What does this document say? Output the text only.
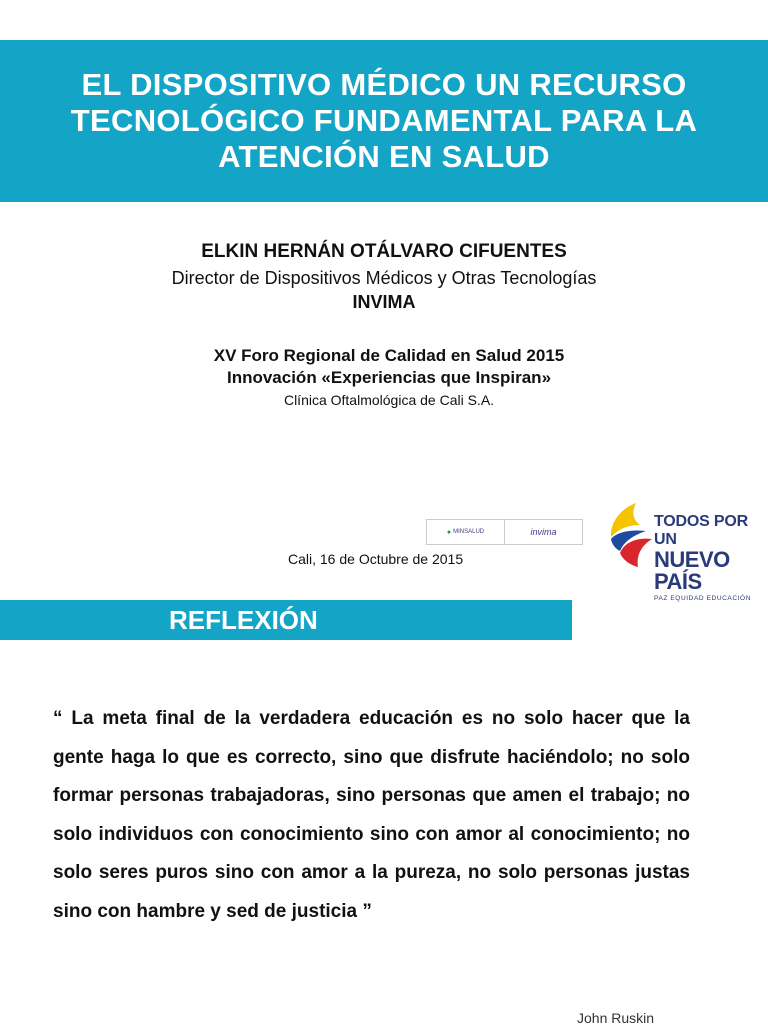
EL DISPOSITIVO MÉDICO UN RECURSO TECNOLÓGICO FUNDAMENTAL PARA LA ATENCIÓN EN SALUD
ELKIN HERNÁN OTÁLVARO CIFUENTES
Director de Dispositivos Médicos y Otras Tecnologías
INVIMA
XV Foro Regional de Calidad en Salud 2015
Innovación «Experiencias que Inspiran»
Clínica Oftalmológica de Cali S.A.
● MINSALUD	invima
Cali, 16 de Octubre de 2015
TODOS POR UN
NUEVO PAÍS
PAZ EQUIDAD EDUCACIÓN
REFLEXIÓN
“ La meta final de la verdadera educación es no solo hacer que la gente haga lo que es correcto, sino que disfrute haciéndolo; no solo formar personas trabajadoras, sino personas que amen el trabajo; no solo individuos con conocimiento sino con amor al conocimiento; no solo seres puros sino con amor a la pureza, no solo personas justas sino con hambre y sed de justicia ”
John Ruskin
